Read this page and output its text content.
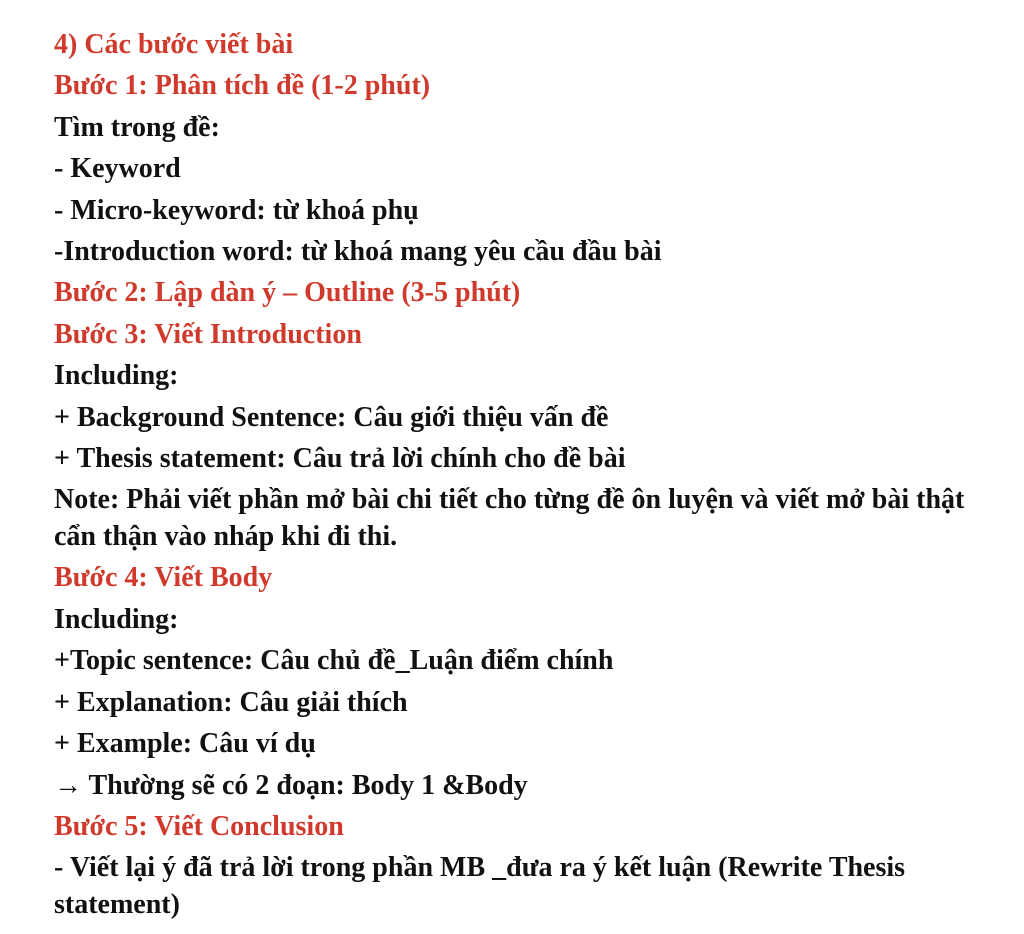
4) Các bước viết bài
Bước 1: Phân tích đề (1-2 phút)
Tìm trong đề:
- Keyword
- Micro-keyword: từ khoá phụ
-Introduction word: từ khoá mang yêu cầu đầu bài
Bước 2: Lập dàn ý – Outline (3-5 phút)
Bước 3: Viết Introduction
Including:
+ Background Sentence: Câu giới thiệu vấn đề
+ Thesis statement: Câu trả lời chính cho đề bài
Note: Phải viết phần mở bài chi tiết cho từng đề ôn luyện và viết mở bài thật cẩn thận vào nháp khi đi thi.
Bước 4: Viết Body
Including:
+Topic sentence: Câu chủ đề_Luận điểm chính
+ Explanation: Câu giải thích
+ Example: Câu ví dụ
→ Thường sẽ có 2 đoạn: Body 1 &Body
Bước 5: Viết Conclusion
- Viết lại ý đã trả lời trong phần MB _đưa ra ý kết luận (Rewrite Thesis statement)
